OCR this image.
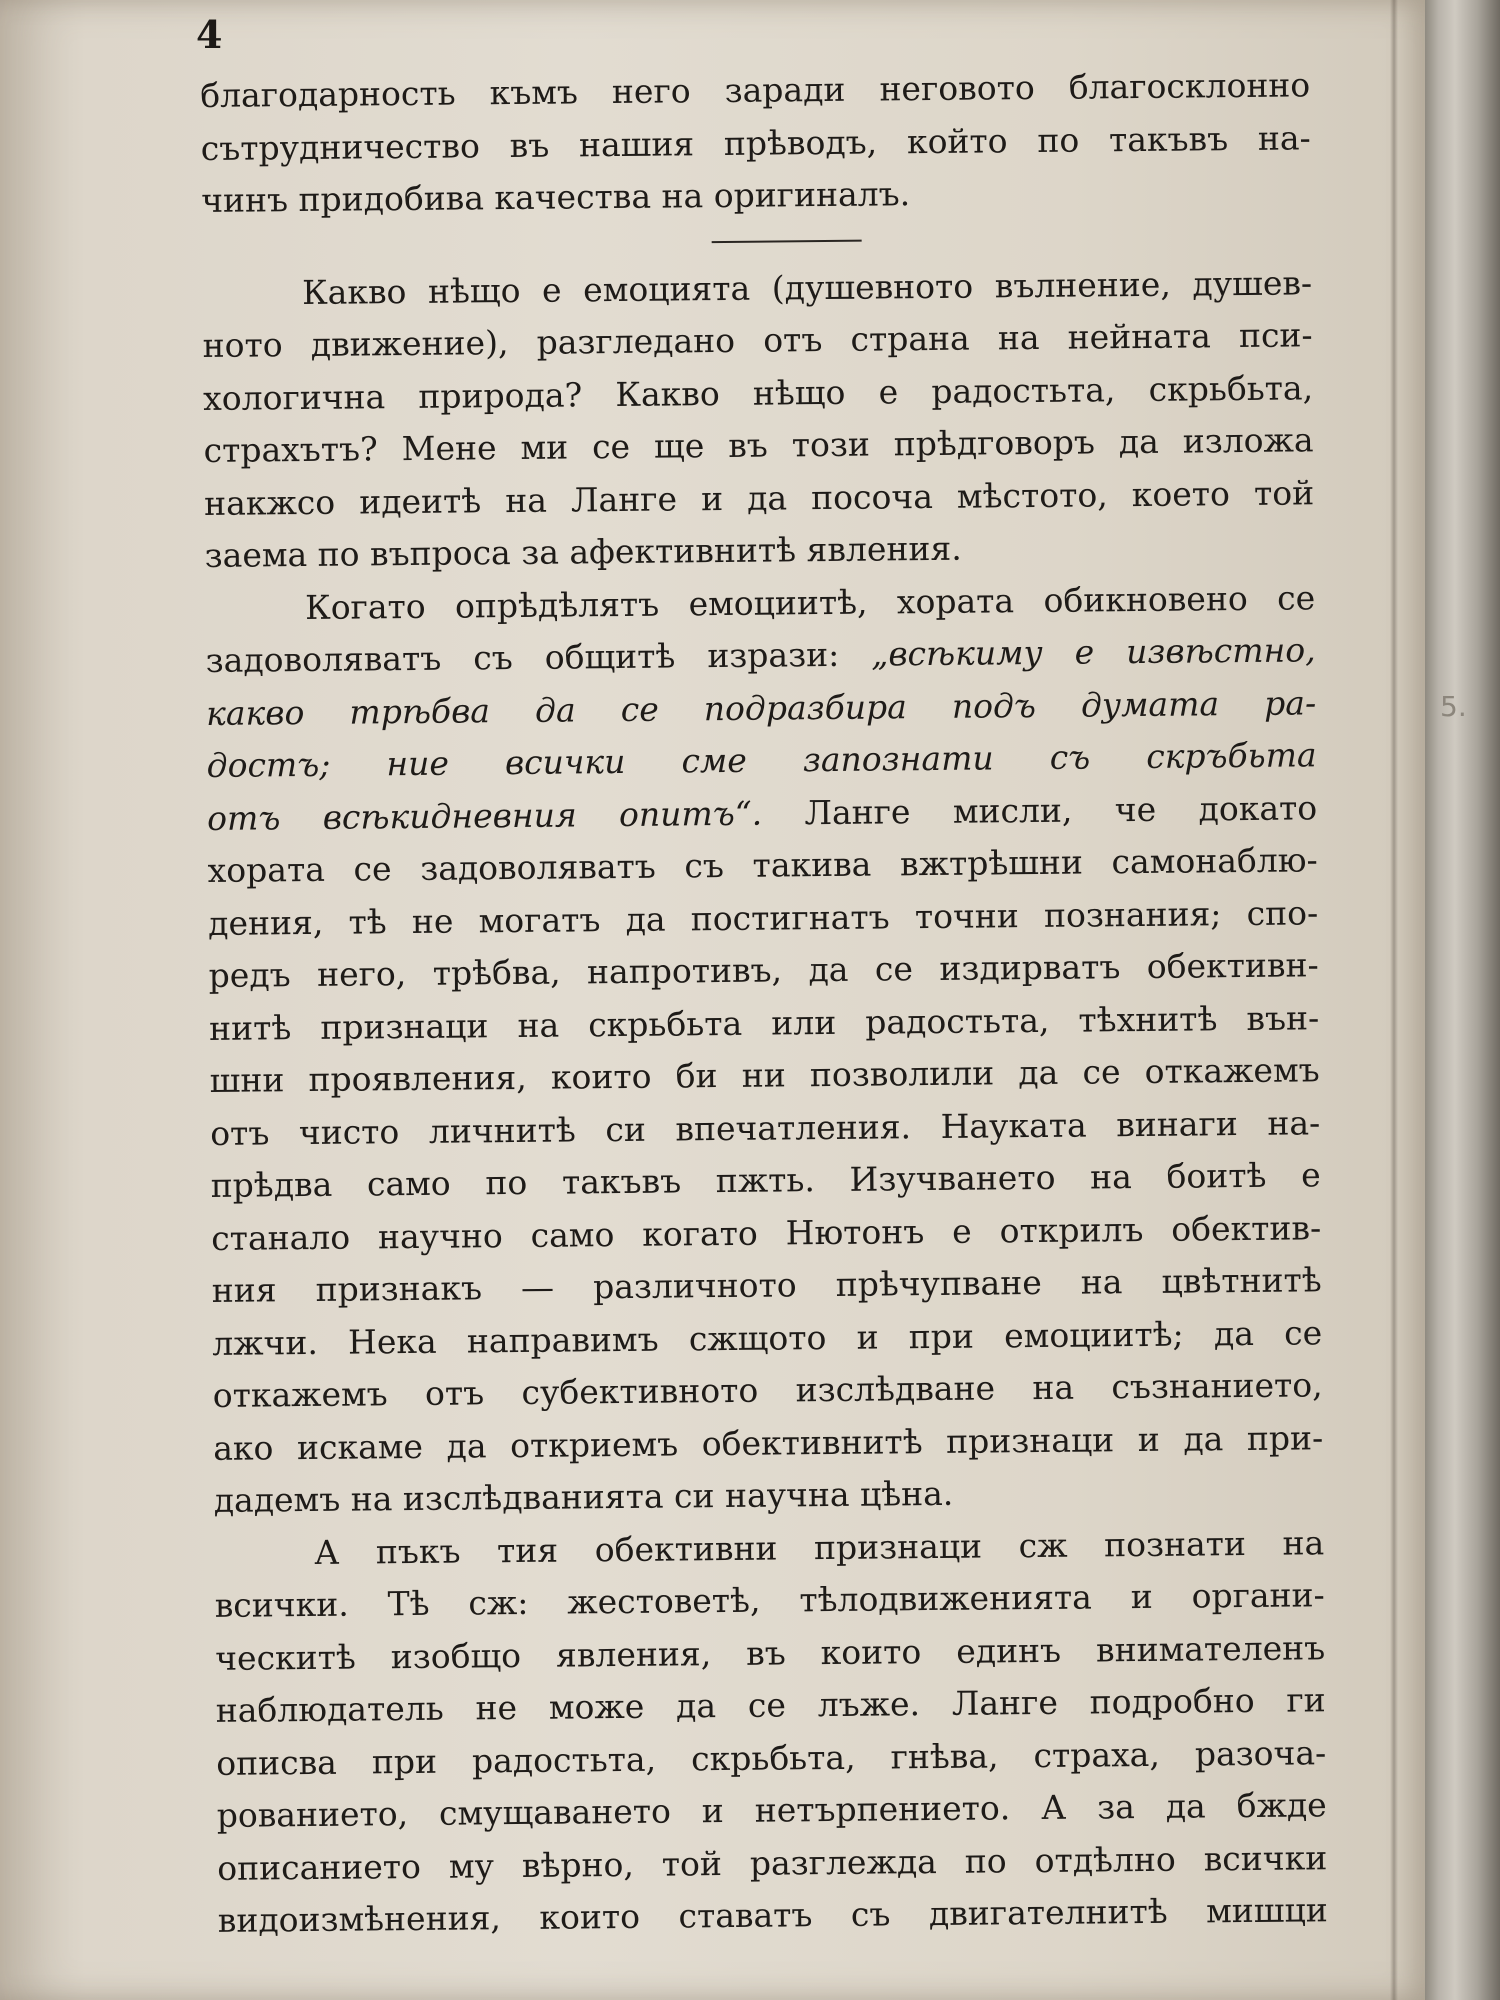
4
благодарность къмъ него заради неговото благосклонно
сътрудничество въ нашия прѣводъ, който по такъвъ на-
чинъ придобива качества на оригиналъ.
Какво нѣщо е емоцията (душевното вълнение, душев-
ното движение), разгледано отъ страна на нейната пси-
хологична природа? Какво нѣщо е радостьта, скрьбьта,
страхътъ? Мене ми се ще въ този прѣдговоръ да изложа
накжсо идеитѣ на Ланге и да посоча мѣстото, което той
заема по въпроса за афективнитѣ явления.
Когато опрѣдѣлятъ емоциитѣ, хората обикновено се
задоволяватъ съ общитѣ изрази: „всѣкиму е извѣстно,
какво трѣбва да се подразбира подъ думата ра-
достъ; ние всички сме запознати съ скръбьта
отъ всѣкидневния опитъ“. Ланге мисли, че докато
хората се задоволяватъ съ такива вжтрѣшни самонаблю-
дения, тѣ не могатъ да постигнатъ точни познания; спо-
редъ него, трѣбва, напротивъ, да се издирватъ обективн-
нитѣ признаци на скрьбьта или радостьта, тѣхнитѣ вън-
шни проявления, които би ни позволили да се откажемъ
отъ чисто личнитѣ си впечатления. Науката винаги на-
прѣдва само по такъвъ пжть. Изучването на боитѣ е
станало научно само когато Нютонъ е открилъ обектив-
ния признакъ — различното прѣчупване на цвѣтнитѣ
лжчи. Нека направимъ сжщото и при емоциитѣ; да се
откажемъ отъ субективното изслѣдване на съзнанието,
ако искаме да откриемъ обективнитѣ признаци и да при-
дадемъ на изслѣдванията си научна цѣна.
А пъкъ тия обективни признаци сж познати на
всички. Тѣ сж: жестоветѣ, тѣлодвиженията и органи-
ческитѣ изобщо явления, въ които единъ внимателенъ
наблюдатель не може да се лъже. Ланге подробно ги
описва при радостьта, скрьбьта, гнѣва, страха, разоча-
рованието, смущаването и нетърпението. А за да бжде
описанието му вѣрно, той разглежда по отдѣлно всички
видоизмѣнения, които ставатъ съ двигателнитѣ мишци
5.
